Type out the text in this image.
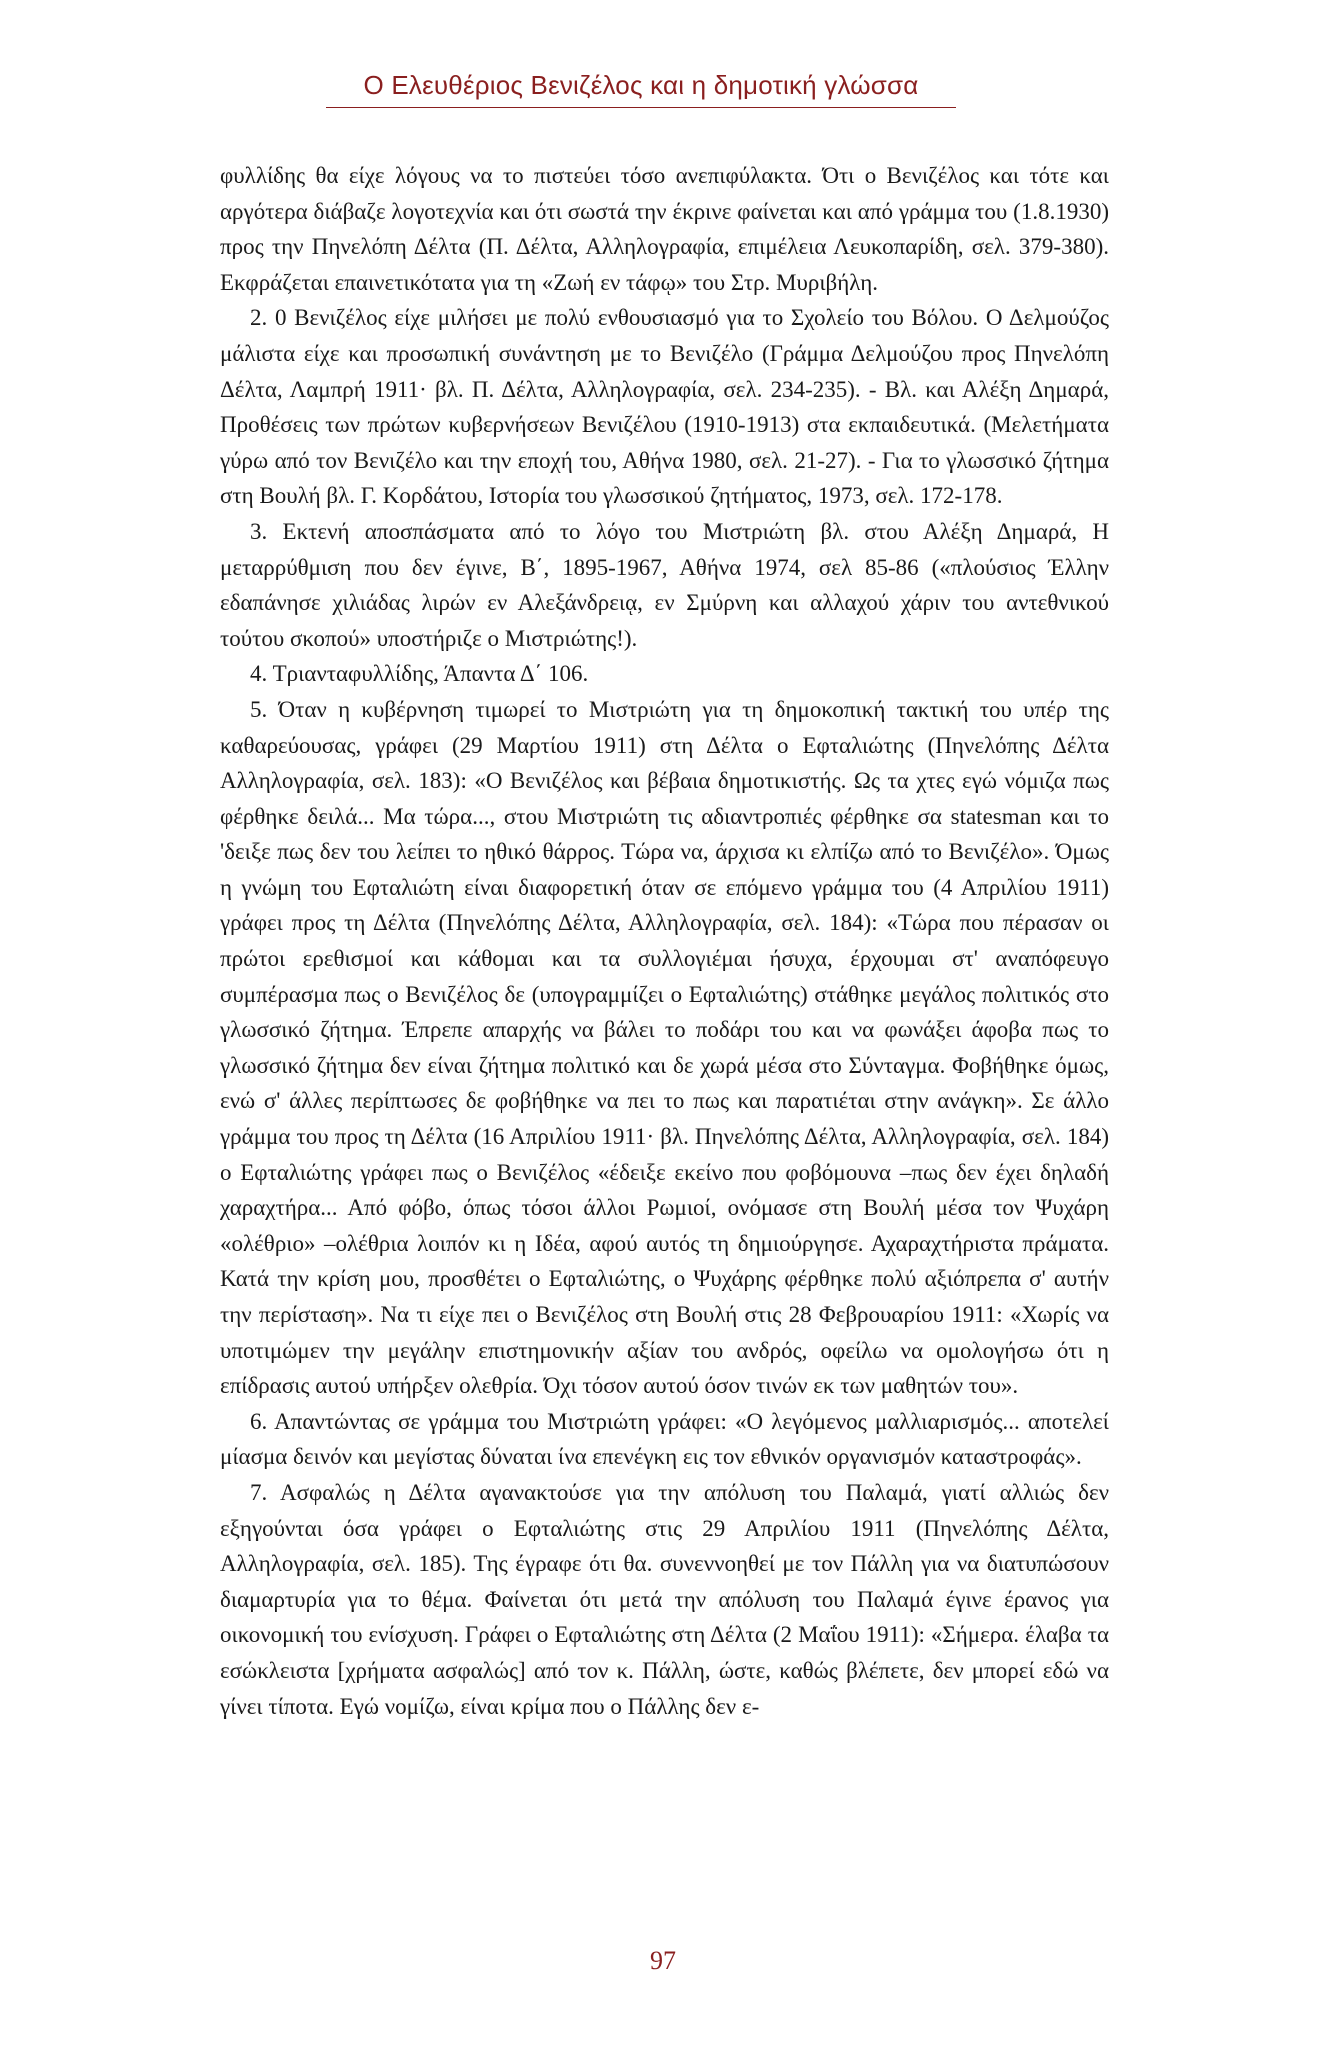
Ο Ελευθέριος Βενιζέλος και η δημοτική γλώσσα

φυλλίδης θα είχε λόγους να το πιστεύει τόσο ανεπιφύλακτα. Ότι ο Βενιζέλος και τότε και αργότερα διάβαζε λογοτεχνία και ότι σωστά την έκρινε φαίνεται και από γράμμα του (1.8.1930) προς την Πηνελόπη Δέλτα (Π. Δέλτα, Αλληλογραφία, επιμέλεια Λευκοπαρίδη, σελ. 379-380). Εκφράζεται επαινετικότατα για τη «Ζωή εν τάφῳ» του Στρ. Μυριβήλη.

2. 0 Βενιζέλος είχε μιλήσει με πολύ ενθουσιασμό για το Σχολείο του Βόλου. Ο Δελμούζος μάλιστα είχε και προσωπική συνάντηση με το Βενιζέλο (Γράμμα Δελμούζου προς Πηνελόπη Δέλτα, Λαμπρή 1911· βλ. Π. Δέλτα, Αλληλογραφία, σελ. 234-235). - Βλ. και Αλέξη Δημαρά, Προθέσεις των πρώτων κυβερνήσεων Βενιζέλου (1910-1913) στα εκπαιδευτικά. (Μελετήματα γύρω από τον Βενιζέλο και την εποχή του, Αθήνα 1980, σελ. 21-27). - Για το γλωσσικό ζήτημα στη Βουλή βλ. Γ. Κορδάτου, Ιστορία του γλωσσικού ζητήματος, 1973, σελ. 172-178.

3. Εκτενή αποσπάσματα από το λόγο του Μιστριώτη βλ. στου Αλέξη Δημαρά, Η μεταρρύθμιση που δεν έγινε, Β΄, 1895-1967, Αθήνα 1974, σελ 85-86 («πλούσιος Έλλην εδαπάνησε χιλιάδας λιρών εν Αλεξάνδρειᾳ, εν Σμύρνη και αλλαχού χάριν του αντεθνικού τούτου σκοπού» υποστήριζε ο Μιστριώτης!).

4. Τριανταφυλλίδης, Άπαντα Δ΄ 106.

5. Όταν η κυβέρνηση τιμωρεί το Μιστριώτη για τη δημοκοπική τακτική του υπέρ της καθαρεύουσας, γράφει (29 Μαρτίου 1911) στη Δέλτα ο Εφταλιώτης (Πηνελόπης Δέλτα Αλληλογραφία, σελ. 183): «Ο Βενιζέλος και βέβαια δημοτικιστής. Ως τα χτες εγώ νόμιζα πως φέρθηκε δειλά... Μα τώρα..., στου Μιστριώτη τις αδιαντροπιές φέρθηκε σα statesman και το 'δειξε πως δεν του λείπει το ηθικό θάρρος. Τώρα να, άρχισα κι ελπίζω από το Βενιζέλο». Όμως η γνώμη του Εφταλιώτη είναι διαφορετική όταν σε επόμενο γράμμα του (4 Απριλίου 1911) γράφει προς τη Δέλτα (Πηνελόπης Δέλτα, Αλληλογραφία, σελ. 184): «Τώρα που πέρασαν οι πρώτοι ερεθισμοί και κάθομαι και τα συλλογιέμαι ήσυχα, έρχουμαι στ' αναπόφευγο συμπέρασμα πως ο Βενιζέλος δε (υπογραμμίζει ο Εφταλιώτης) στάθηκε μεγάλος πολιτικός στο γλωσσικό ζήτημα. Έπρεπε απαρχής να βάλει το ποδάρι του και να φωνάξει άφοβα πως το γλωσσικό ζήτημα δεν είναι ζήτημα πολιτικό και δε χωρά μέσα στο Σύνταγμα. Φοβήθηκε όμως, ενώ σ' άλλες περίπτωσες δε φοβήθηκε να πει το πως και παρατιέται στην ανάγκη». Σε άλλο γράμμα του προς τη Δέλτα (16 Απριλίου 1911· βλ. Πηνελόπης Δέλτα, Αλληλογραφία, σελ. 184) ο Εφταλιώτης γράφει πως ο Βενιζέλος «έδειξε εκείνο που φοβόμουνα –πως δεν έχει δηλαδή χαραχτήρα... Από φόβο, όπως τόσοι άλλοι Ρωμιοί, ονόμασε στη Βουλή μέσα τον Ψυχάρη «ολέθριο» –ολέθρια λοιπόν κι η Ιδέα, αφού αυτός τη δημιούργησε. Αχαραχτήριστα πράματα. Κατά την κρίση μου, προσθέτει ο Εφταλιώτης, ο Ψυχάρης φέρθηκε πολύ αξιόπρεπα σ' αυτήν την περίσταση». Να τι είχε πει ο Βενιζέλος στη Βουλή στις 28 Φεβρουαρίου 1911: «Χωρίς να υποτιμώμεν την μεγάλην επιστημονικήν αξίαν του ανδρός, οφείλω να ομολογήσω ότι η επίδρασις αυτού υπήρξεν ολεθρία. Όχι τόσον αυτού όσον τινών εκ των μαθητών του».

6. Απαντώντας σε γράμμα του Μιστριώτη γράφει: «Ο λεγόμενος μαλλιαρισμός... αποτελεί μίασμα δεινόν και μεγίστας δύναται ίνα επενέγκη εις τον εθνικόν οργανισμόν καταστροφάς».

7. Ασφαλώς η Δέλτα αγανακτούσε για την απόλυση του Παλαμά, γιατί αλλιώς δεν εξηγούνται όσα γράφει ο Εφταλιώτης στις 29 Απριλίου 1911 (Πηνελόπης Δέλτα, Αλληλογραφία, σελ. 185). Της έγραφε ότι θα. συνεννοηθεί με τον Πάλλη για να διατυπώσουν διαμαρτυρία για το θέμα. Φαίνεται ότι μετά την απόλυση του Παλαμά έγινε έρανος για οικονομική του ενίσχυση. Γράφει ο Εφταλιώτης στη Δέλτα (2 Μαΐου 1911): «Σήμερα. έλαβα τα εσώκλειστα [χρήματα ασφαλώς] από τον κ. Πάλλη, ώστε, καθώς βλέπετε, δεν μπορεί εδώ να γίνει τίποτα. Εγώ νομίζω, είναι κρίμα που ο Πάλλης δεν ε-

97
